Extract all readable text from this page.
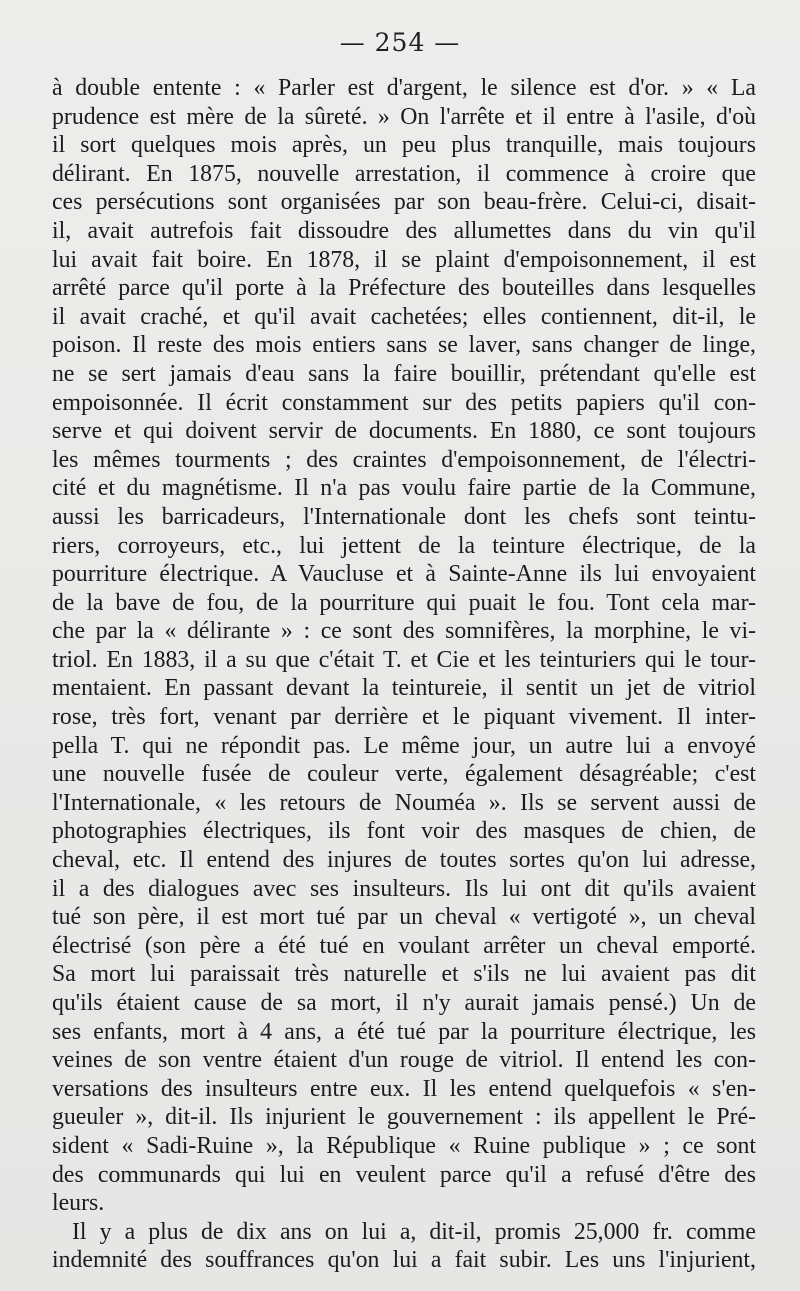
— 254 —
à double entente : « Parler est d'argent, le silence est d'or. » « La
prudence est mère de la sûreté. » On l'arrête et il entre à l'asile, d'où
il sort quelques mois après, un peu plus tranquille, mais toujours
délirant. En 1875, nouvelle arrestation, il commence à croire que
ces persécutions sont organisées par son beau-frère. Celui-ci, disait-
il, avait autrefois fait dissoudre des allumettes dans du vin qu'il
lui avait fait boire. En 1878, il se plaint d'empoisonnement, il est
arrêté parce qu'il porte à la Préfecture des bouteilles dans lesquelles
il avait craché, et qu'il avait cachetées; elles contiennent, dit-il, le
poison. Il reste des mois entiers sans se laver, sans changer de linge,
ne se sert jamais d'eau sans la faire bouillir, prétendant qu'elle est
empoisonnée. Il écrit constamment sur des petits papiers qu'il con-
serve et qui doivent servir de documents. En 1880, ce sont toujours
les mêmes tourments ; des craintes d'empoisonnement, de l'électri-
cité et du magnétisme. Il n'a pas voulu faire partie de la Commune,
aussi les barricadeurs, l'Internationale dont les chefs sont teintu-
riers, corroyeurs, etc., lui jettent de la teinture électrique, de la
pourriture électrique. A Vaucluse et à Sainte-Anne ils lui envoyaient
de la bave de fou, de la pourriture qui puait le fou. Tont cela mar-
che par la « délirante » : ce sont des somnifères, la morphine, le vi-
triol. En 1883, il a su que c'était T. et Cie et les teinturiers qui le tour-
mentaient. En passant devant la teintureie, il sentit un jet de vitriol
rose, très fort, venant par derrière et le piquant vivement. Il inter-
pella T. qui ne répondit pas. Le même jour, un autre lui a envoyé
une nouvelle fusée de couleur verte, également désagréable; c'est
l'Internationale, « les retours de Nouméa ». Ils se servent aussi de
photographies électriques, ils font voir des masques de chien, de
cheval, etc. Il entend des injures de toutes sortes qu'on lui adresse,
il a des dialogues avec ses insulteurs. Ils lui ont dit qu'ils avaient
tué son père, il est mort tué par un cheval « vertigoté », un cheval
électrisé (son père a été tué en voulant arrêter un cheval emporté.
Sa mort lui paraissait très naturelle et s'ils ne lui avaient pas dit
qu'ils étaient cause de sa mort, il n'y aurait jamais pensé.) Un de
ses enfants, mort à 4 ans, a été tué par la pourriture électrique, les
veines de son ventre étaient d'un rouge de vitriol. Il entend les con-
versations des insulteurs entre eux. Il les entend quelquefois « s'en-
gueuler », dit-il. Ils injurient le gouvernement : ils appellent le Pré-
sident « Sadi-Ruine », la République « Ruine publique » ; ce sont
des communards qui lui en veulent parce qu'il a refusé d'être des
leurs.
Il y a plus de dix ans on lui a, dit-il, promis 25,000 fr. comme
indemnité des souffrances qu'on lui a fait subir. Les uns l'injurient,
